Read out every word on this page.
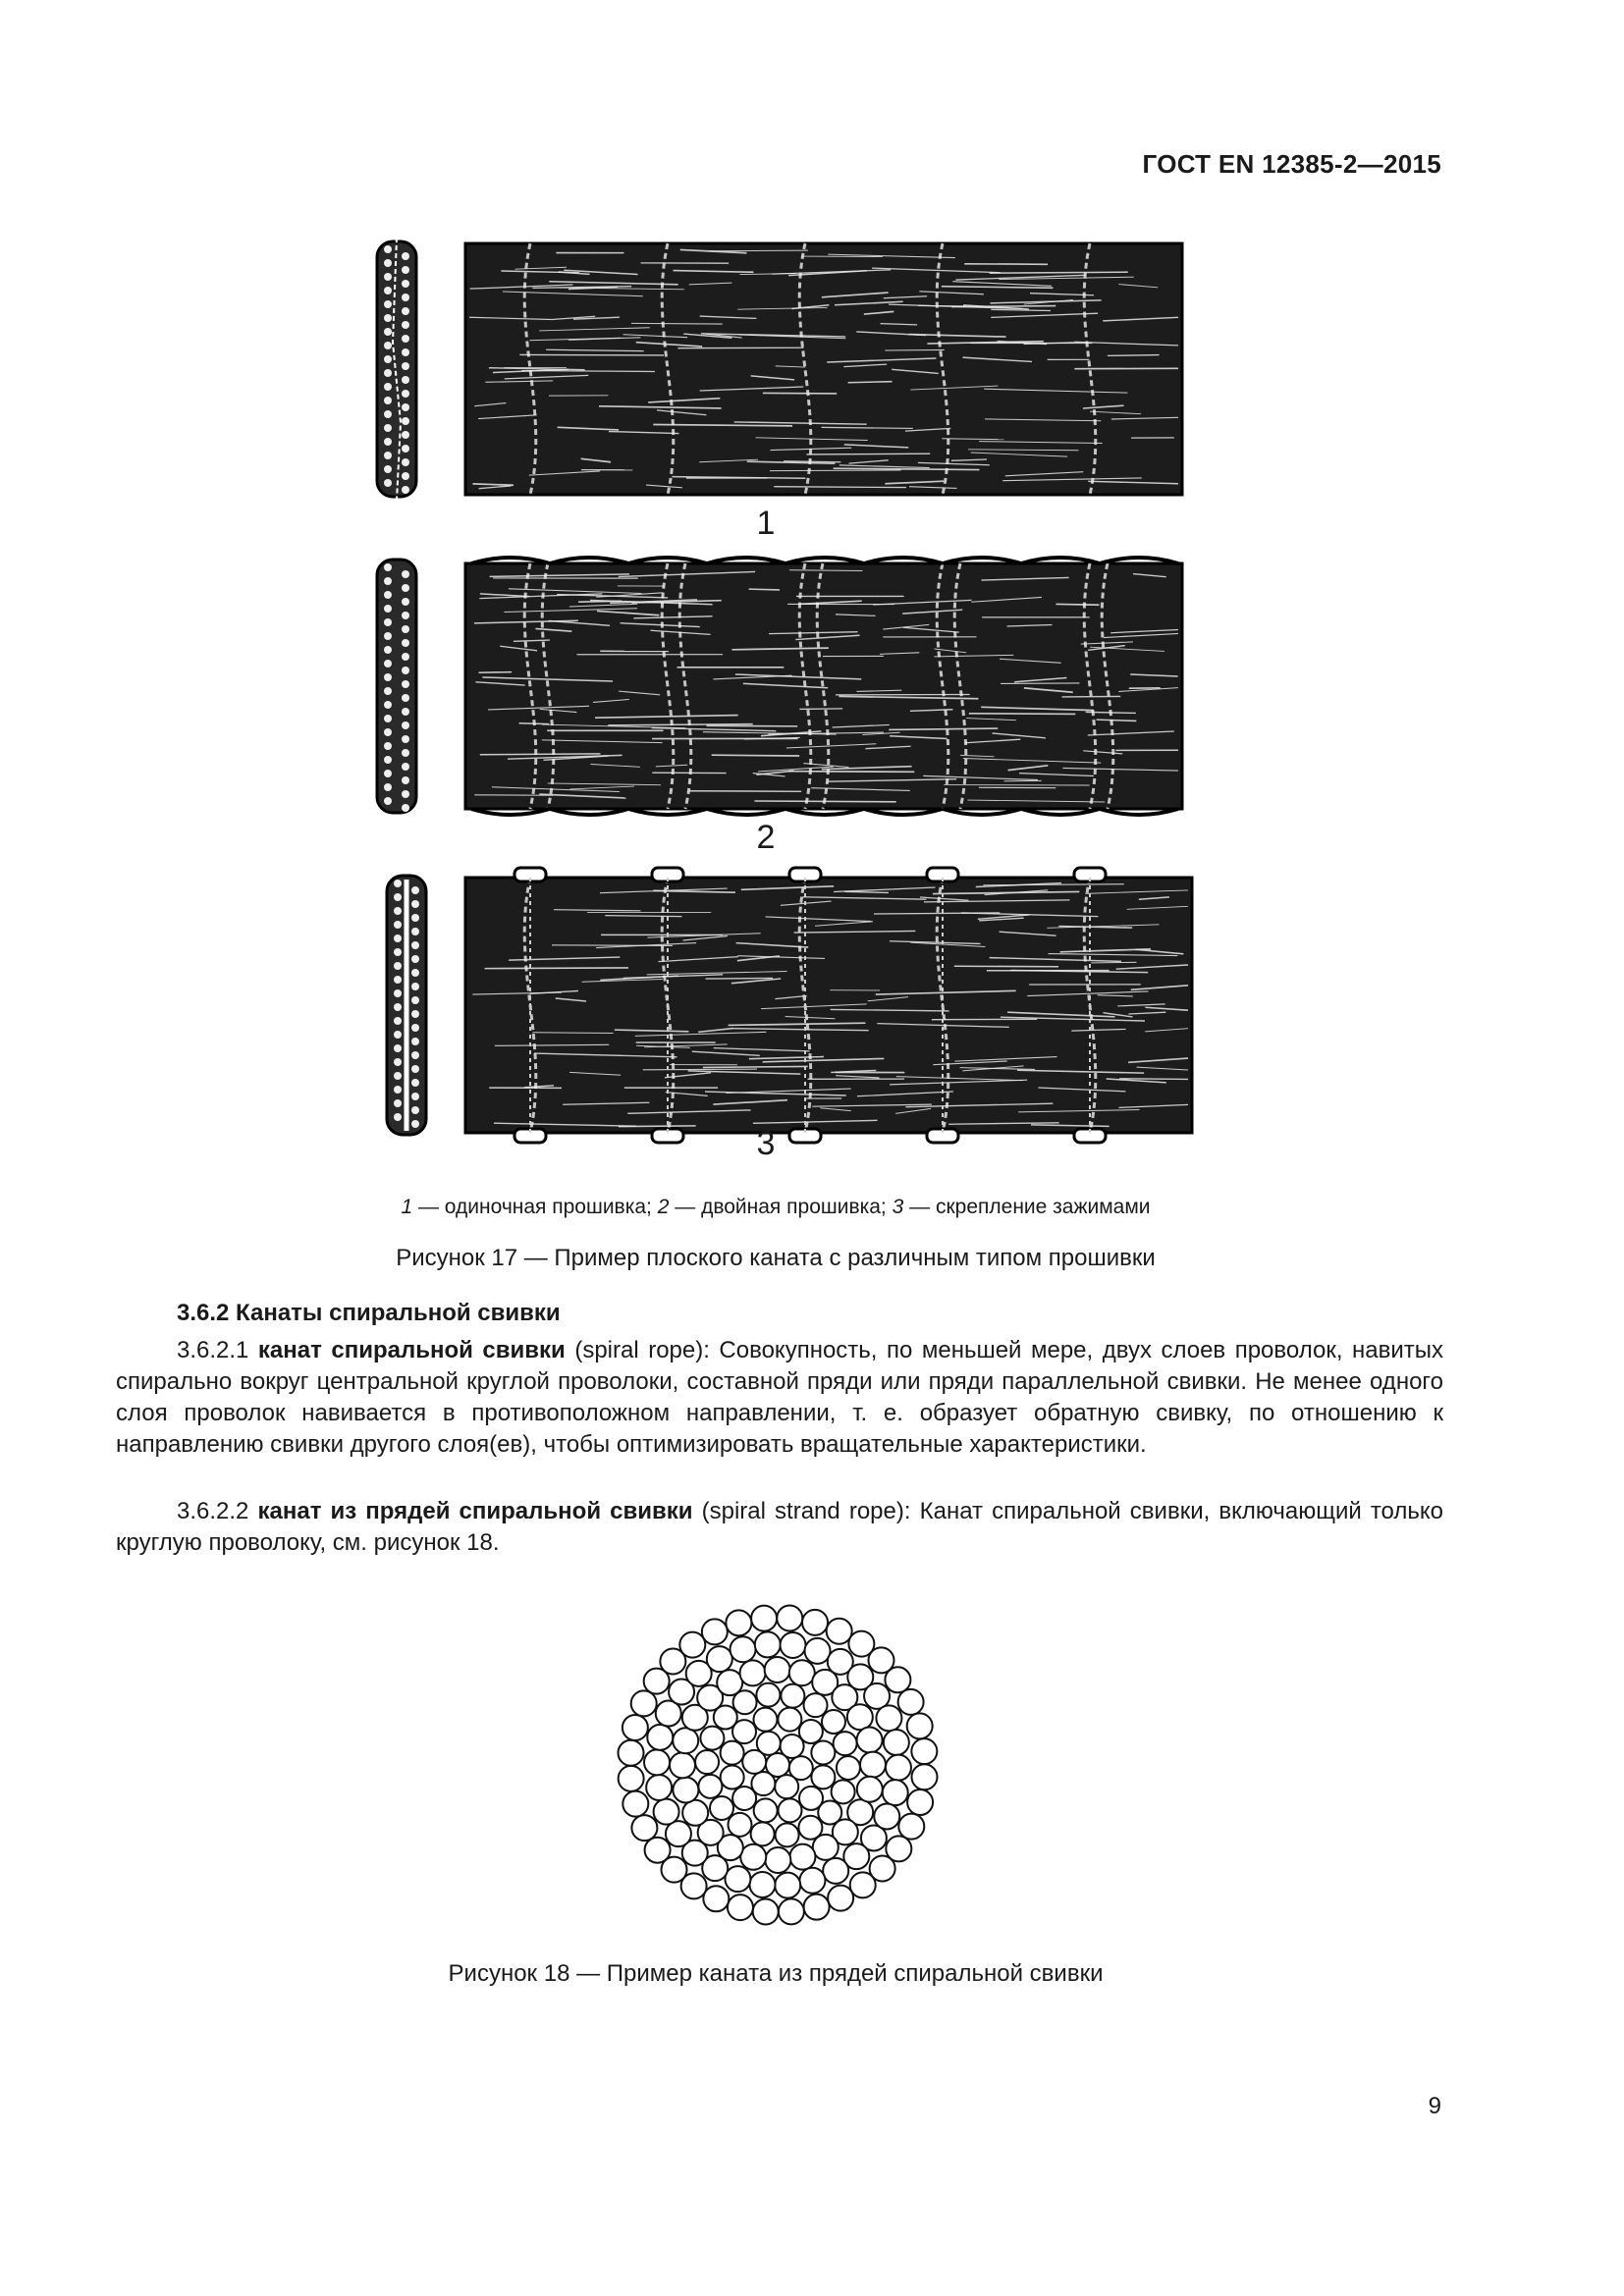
ГОСТ EN 12385-2—2015
1
2
3
1 — одиночная прошивка; 2 — двойная прошивка; 3 — скрепление зажимами
Рисунок 17 — Пример плоского каната с различным типом прошивки
3.6.2 Канаты спиральной свивки
3.6.2.1 канат спиральной свивки (spiral rope): Совокупность, по меньшей мере, двух слоев проволок, навитых спирально вокруг центральной круглой проволоки, составной пряди или пряди параллельной свивки. Не менее одного слоя проволок навивается в противоположном направлении, т. е. образует обратную свивку, по отношению к направлению свивки другого слоя(ев), чтобы оптимизировать вращательные характеристики.
3.6.2.2 канат из прядей спиральной свивки (spiral strand rope): Канат спиральной свивки, включающий только круглую проволоку, см. рисунок 18.
Рисунок 18 — Пример каната из прядей спиральной свивки
9
